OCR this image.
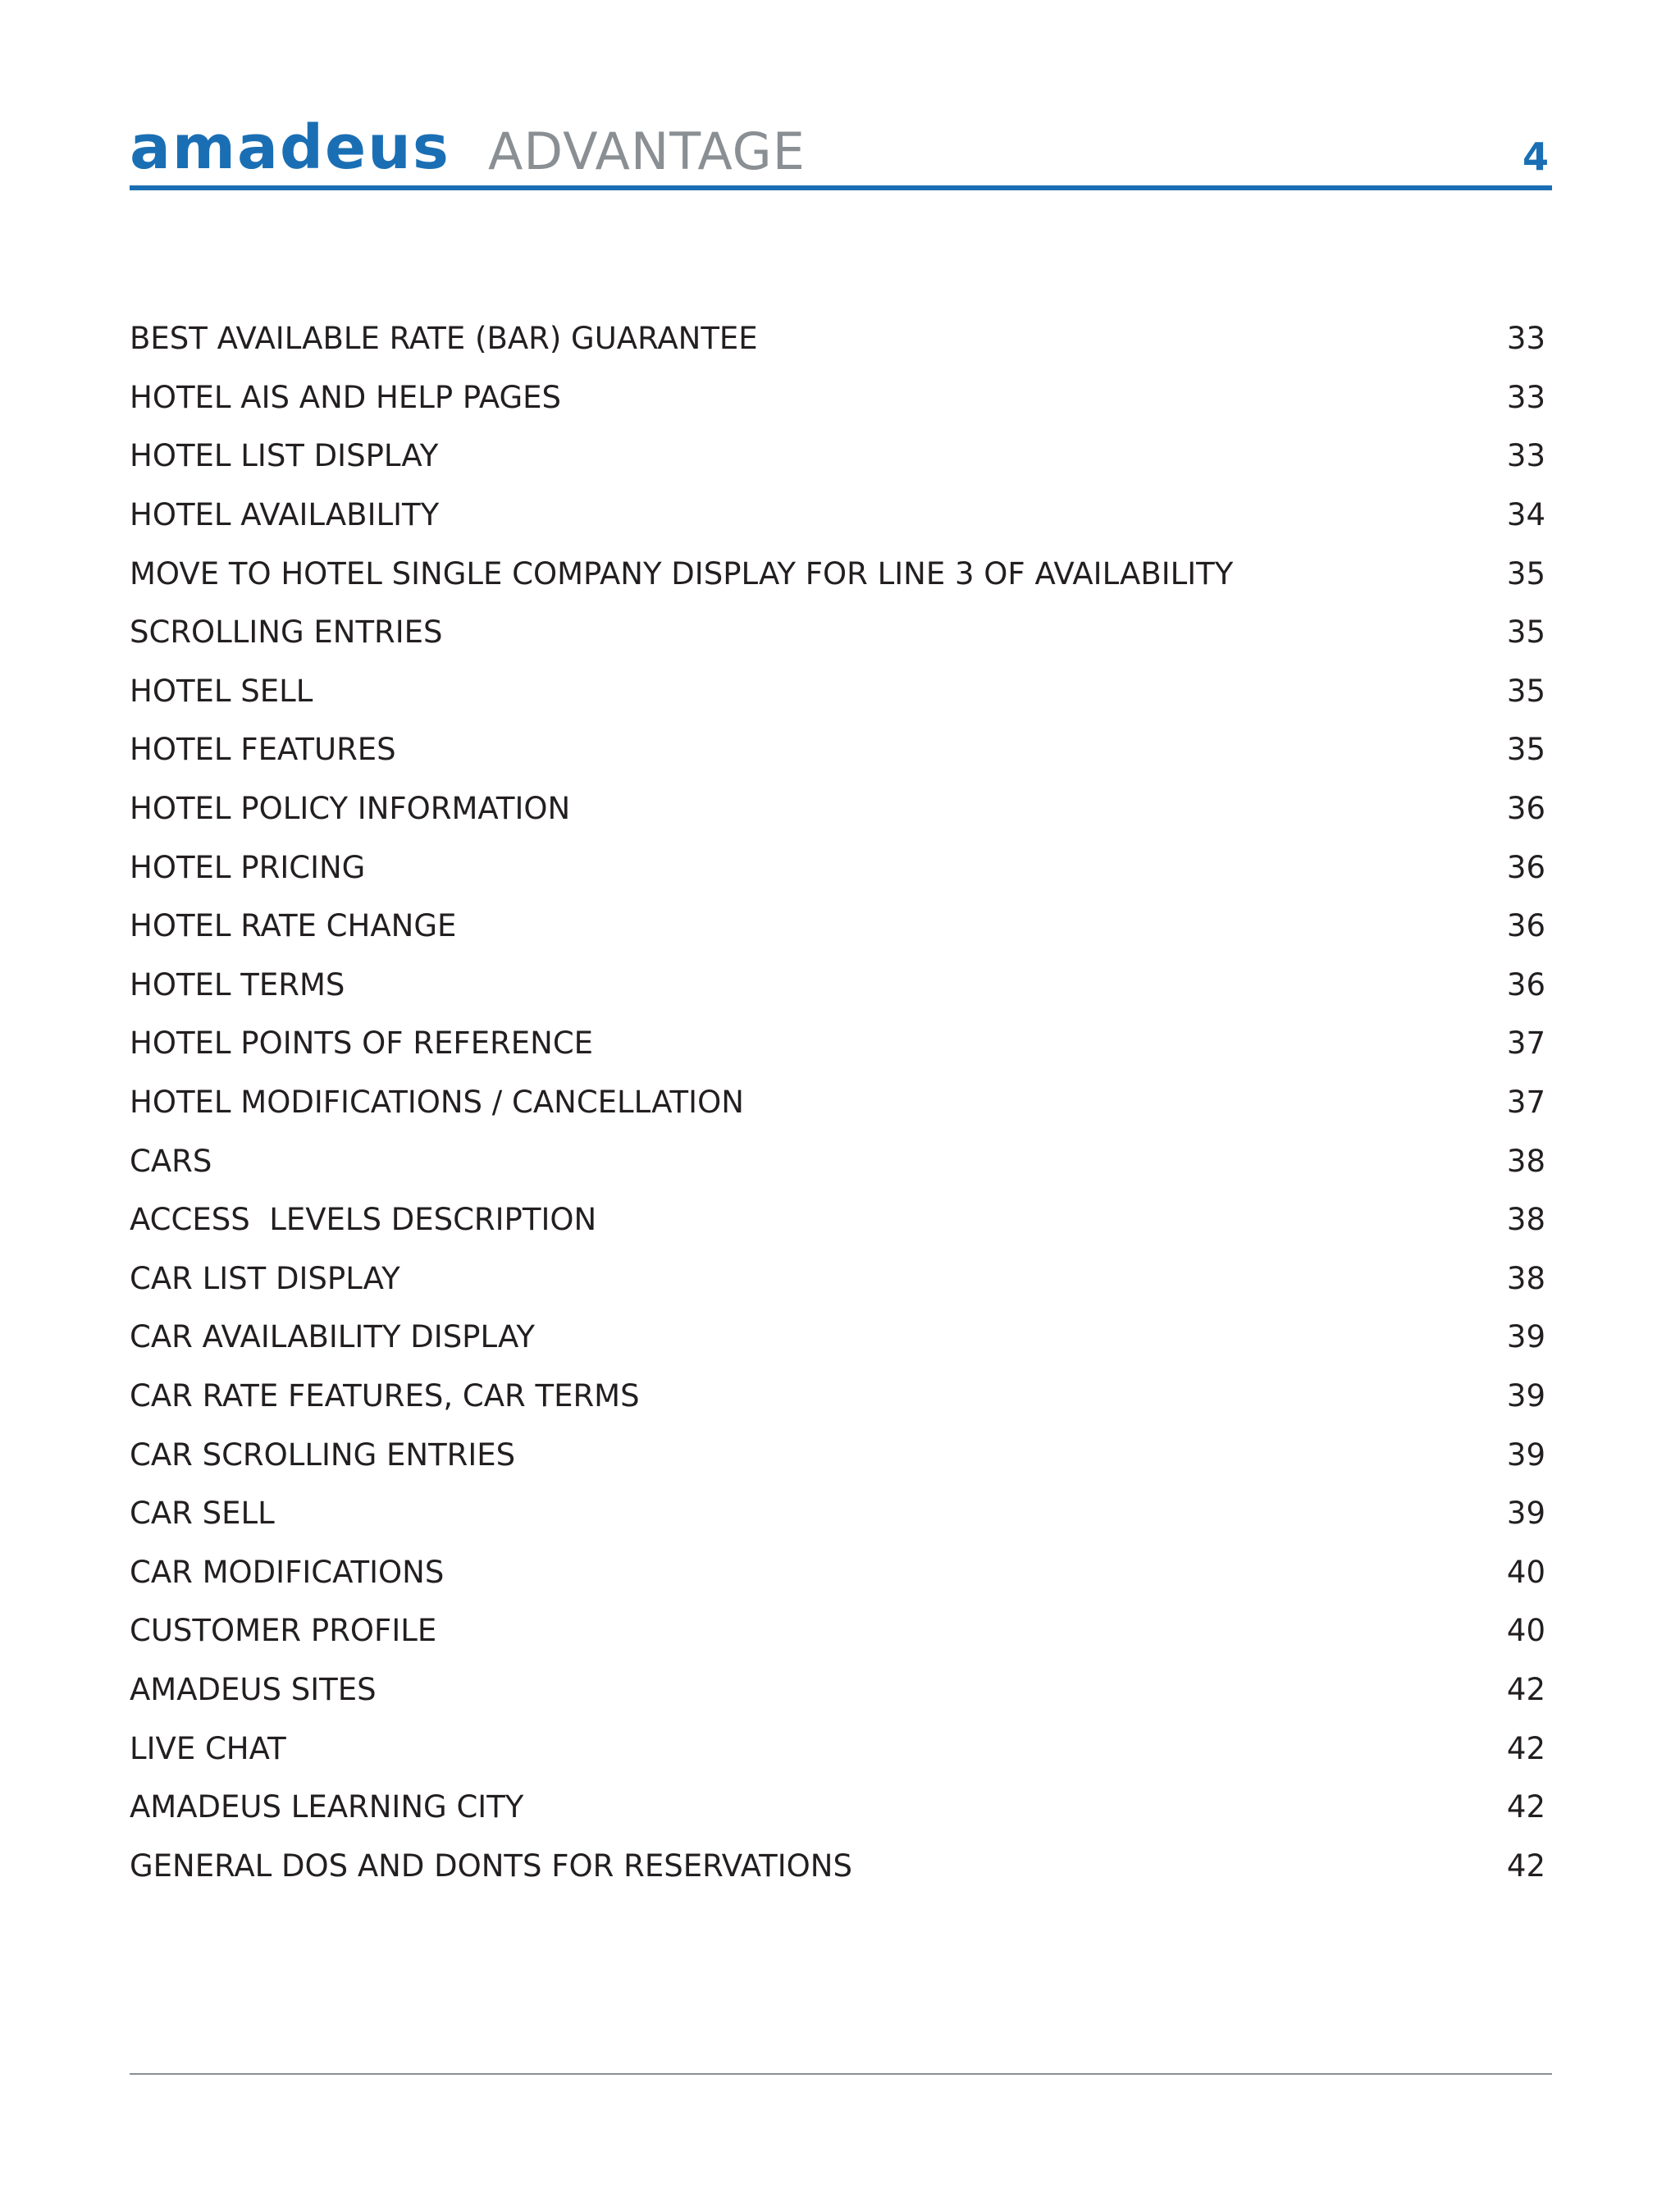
amadeus ADVANTAGE	4
BEST AVAILABLE RATE (BAR) GUARANTEE	33
HOTEL AIS AND HELP PAGES	33
HOTEL LIST DISPLAY	33
HOTEL AVAILABILITY	34
MOVE TO HOTEL SINGLE COMPANY DISPLAY FOR LINE 3 OF AVAILABILITY	35
SCROLLING ENTRIES	35
HOTEL SELL	35
HOTEL FEATURES	35
HOTEL POLICY INFORMATION	36
HOTEL PRICING	36
HOTEL RATE CHANGE	36
HOTEL TERMS	36
HOTEL POINTS OF REFERENCE	37
HOTEL MODIFICATIONS / CANCELLATION	37
CARS	38
ACCESS  LEVELS DESCRIPTION	38
CAR LIST DISPLAY	38
CAR AVAILABILITY DISPLAY	39
CAR RATE FEATURES, CAR TERMS	39
CAR SCROLLING ENTRIES	39
CAR SELL	39
CAR MODIFICATIONS	40
CUSTOMER PROFILE	40
AMADEUS SITES	42
LIVE CHAT	42
AMADEUS LEARNING CITY	42
GENERAL DOS AND DONTS FOR RESERVATIONS	42
